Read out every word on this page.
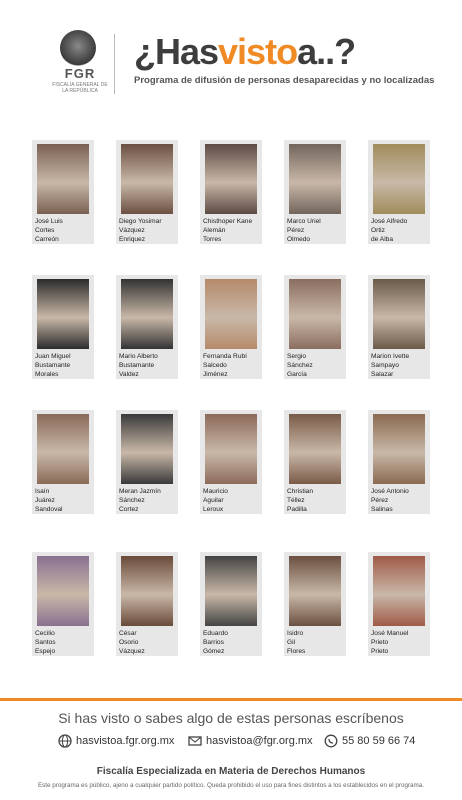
FGR
FISCALÍA GENERAL DE LA REPÚBLICA
¿Hasvistoa..?
Programa de difusión de personas desaparecidas y no localizadas
José Luis
Cortes
Carreón
Diego Yosimar
Vázquez
Enriquez
Chisthoper Kane
Alemán
Torres
Marco Uriel
Pérez
Olmedo
José Alfredo
Ortiz
de Alba
Juan Miguel
Bustamante
Morales
Mario Alberto
Bustamante
Valdez
Fernanda Rubí
Salcedo
Jiménez
Sergio
Sánchez
García
Marion Ivette
Sampayo
Salazar
Isaín
Juárez
Sandoval
Meran Jazmín
Sánchez
Cortez
Mauricio
Aguilar
Leroux
Christian
Téllez
Padilla
José Antonio
Pérez
Salinas
Cecilio
Santos
Espejo
César
Osorio
Vázquez
Eduardo
Barrios
Gómez
Isidro
Gil
Flores
José Manuel
Prieto
Prieto
Si has visto o sabes algo de estas personas escríbenos
hasvistoa.fgr.org.mx	hasvistoa@fgr.org.mx	55 80 59 66 74
Fiscalía Especializada en Materia de Derechos Humanos
Este programa es público, ajeno a cualquier partido político. Queda prohibido el uso para fines distintos a los establecidos en el programa.
